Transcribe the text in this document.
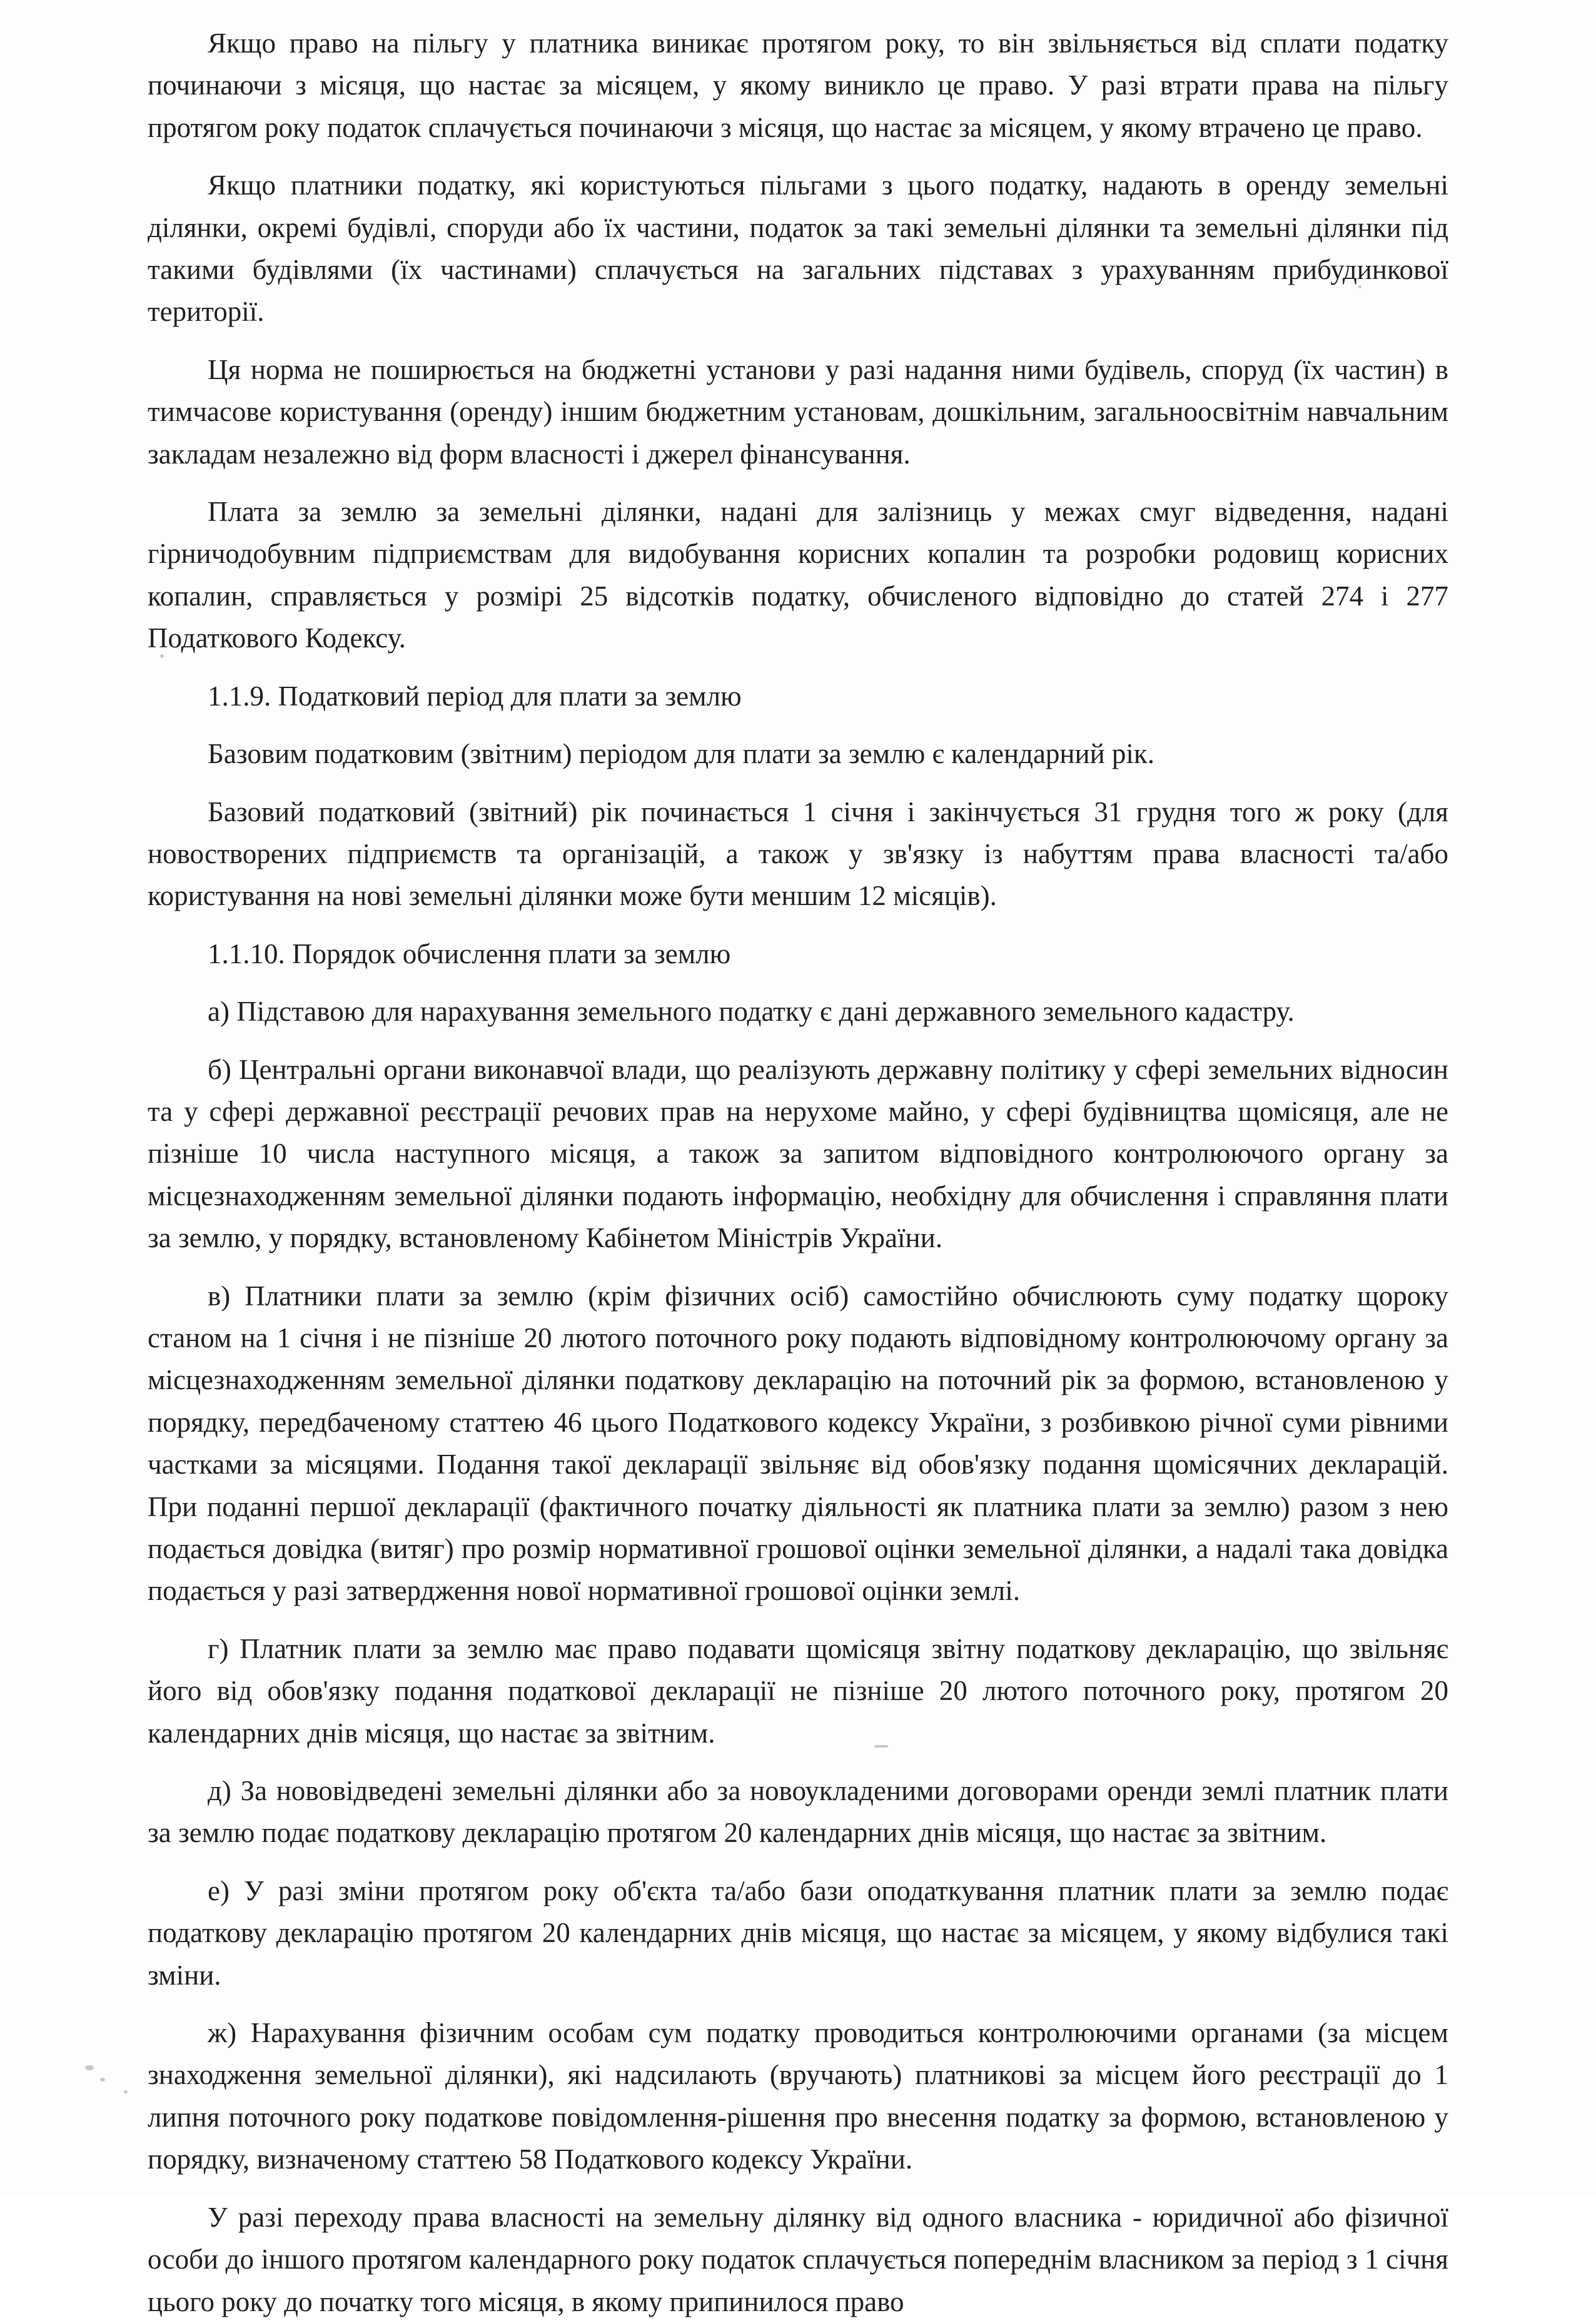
Якщо право на пільгу у платника виникає протягом року, то він звільняється від сплати податку починаючи з місяця, що настає за місяцем, у якому виникло це право. У разі втрати права на пільгу протягом року податок сплачується починаючи з місяця, що настає за місяцем, у якому втрачено це право.

Якщо платники податку, які користуються пільгами з цього податку, надають в оренду земельні ділянки, окремі будівлі, споруди або їх частини, податок за такі земельні ділянки та земельні ділянки під такими будівлями (їх частинами) сплачується на загальних підставах з урахуванням прибудинкової території.

Ця норма не поширюється на бюджетні установи у разі надання ними будівель, споруд (їх частин) в тимчасове користування (оренду) іншим бюджетним установам, дошкільним, загальноосвітнім навчальним закладам незалежно від форм власності і джерел фінансування.

Плата за землю за земельні ділянки, надані для залізниць у межах смуг відведення, надані гірничодобувним підприємствам для видобування корисних копалин та розробки родовищ корисних копалин, справляється у розмірі 25 відсотків податку, обчисленого відповідно до статей 274 і 277 Податкового Кодексу.

1.1.9. Податковий період для плати за землю

Базовим податковим (звітним) періодом для плати за землю є календарний рік.

Базовий податковий (звітний) рік починається 1 січня і закінчується 31 грудня того ж року (для новостворених підприємств та організацій, а також у зв'язку із набуттям права власності та/або користування на нові земельні ділянки може бути меншим 12 місяців).

1.1.10. Порядок обчислення плати за землю

а) Підставою для нарахування земельного податку є дані державного земельного кадастру.

б) Центральні органи виконавчої влади, що реалізують державну політику у сфері земельних відносин та у сфері державної реєстрації речових прав на нерухоме майно, у сфері будівництва щомісяця, але не пізніше 10 числа наступного місяця, а також за запитом відповідного контролюючого органу за місцезнаходженням земельної ділянки подають інформацію, необхідну для обчислення і справляння плати за землю, у порядку, встановленому Кабінетом Міністрів України.

в) Платники плати за землю (крім фізичних осіб) самостійно обчислюють суму податку щороку станом на 1 січня і не пізніше 20 лютого поточного року подають відповідному контролюючому органу за місцезнаходженням земельної ділянки податкову декларацію на поточний рік за формою, встановленою у порядку, передбаченому статтею 46 цього Податкового кодексу України, з розбивкою річної суми рівними частками за місяцями. Подання такої декларації звільняє від обов'язку подання щомісячних декларацій. При поданні першої декларації (фактичного початку діяльності як платника плати за землю) разом з нею подається довідка (витяг) про розмір нормативної грошової оцінки земельної ділянки, а надалі така довідка подається у разі затвердження нової нормативної грошової оцінки землі.

г) Платник плати за землю має право подавати щомісяця звітну податкову декларацію, що звільняє його від обов'язку подання податкової декларації не пізніше 20 лютого поточного року, протягом 20 календарних днів місяця, що настає за звітним.

д) За нововідведені земельні ділянки або за новоукладеними договорами оренди землі платник плати за землю подає податкову декларацію протягом 20 календарних днів місяця, що настає за звітним.

е) У разі зміни протягом року об'єкта та/або бази оподаткування платник плати за землю подає податкову декларацію протягом 20 календарних днів місяця, що настає за місяцем, у якому відбулися такі зміни.

ж) Нарахування фізичним особам сум податку проводиться контролюючими органами (за місцем знаходження земельної ділянки), які надсилають (вручають) платникові за місцем його реєстрації до 1 липня поточного року податкове повідомлення-рішення про внесення податку за формою, встановленою у порядку, визначеному статтею 58 Податкового кодексу України.

У разі переходу права власності на земельну ділянку від одного власника - юридичної або фізичної особи до іншого протягом календарного року податок сплачується попереднім власником за період з 1 січня цього року до початку того місяця, в якому припинилося право
